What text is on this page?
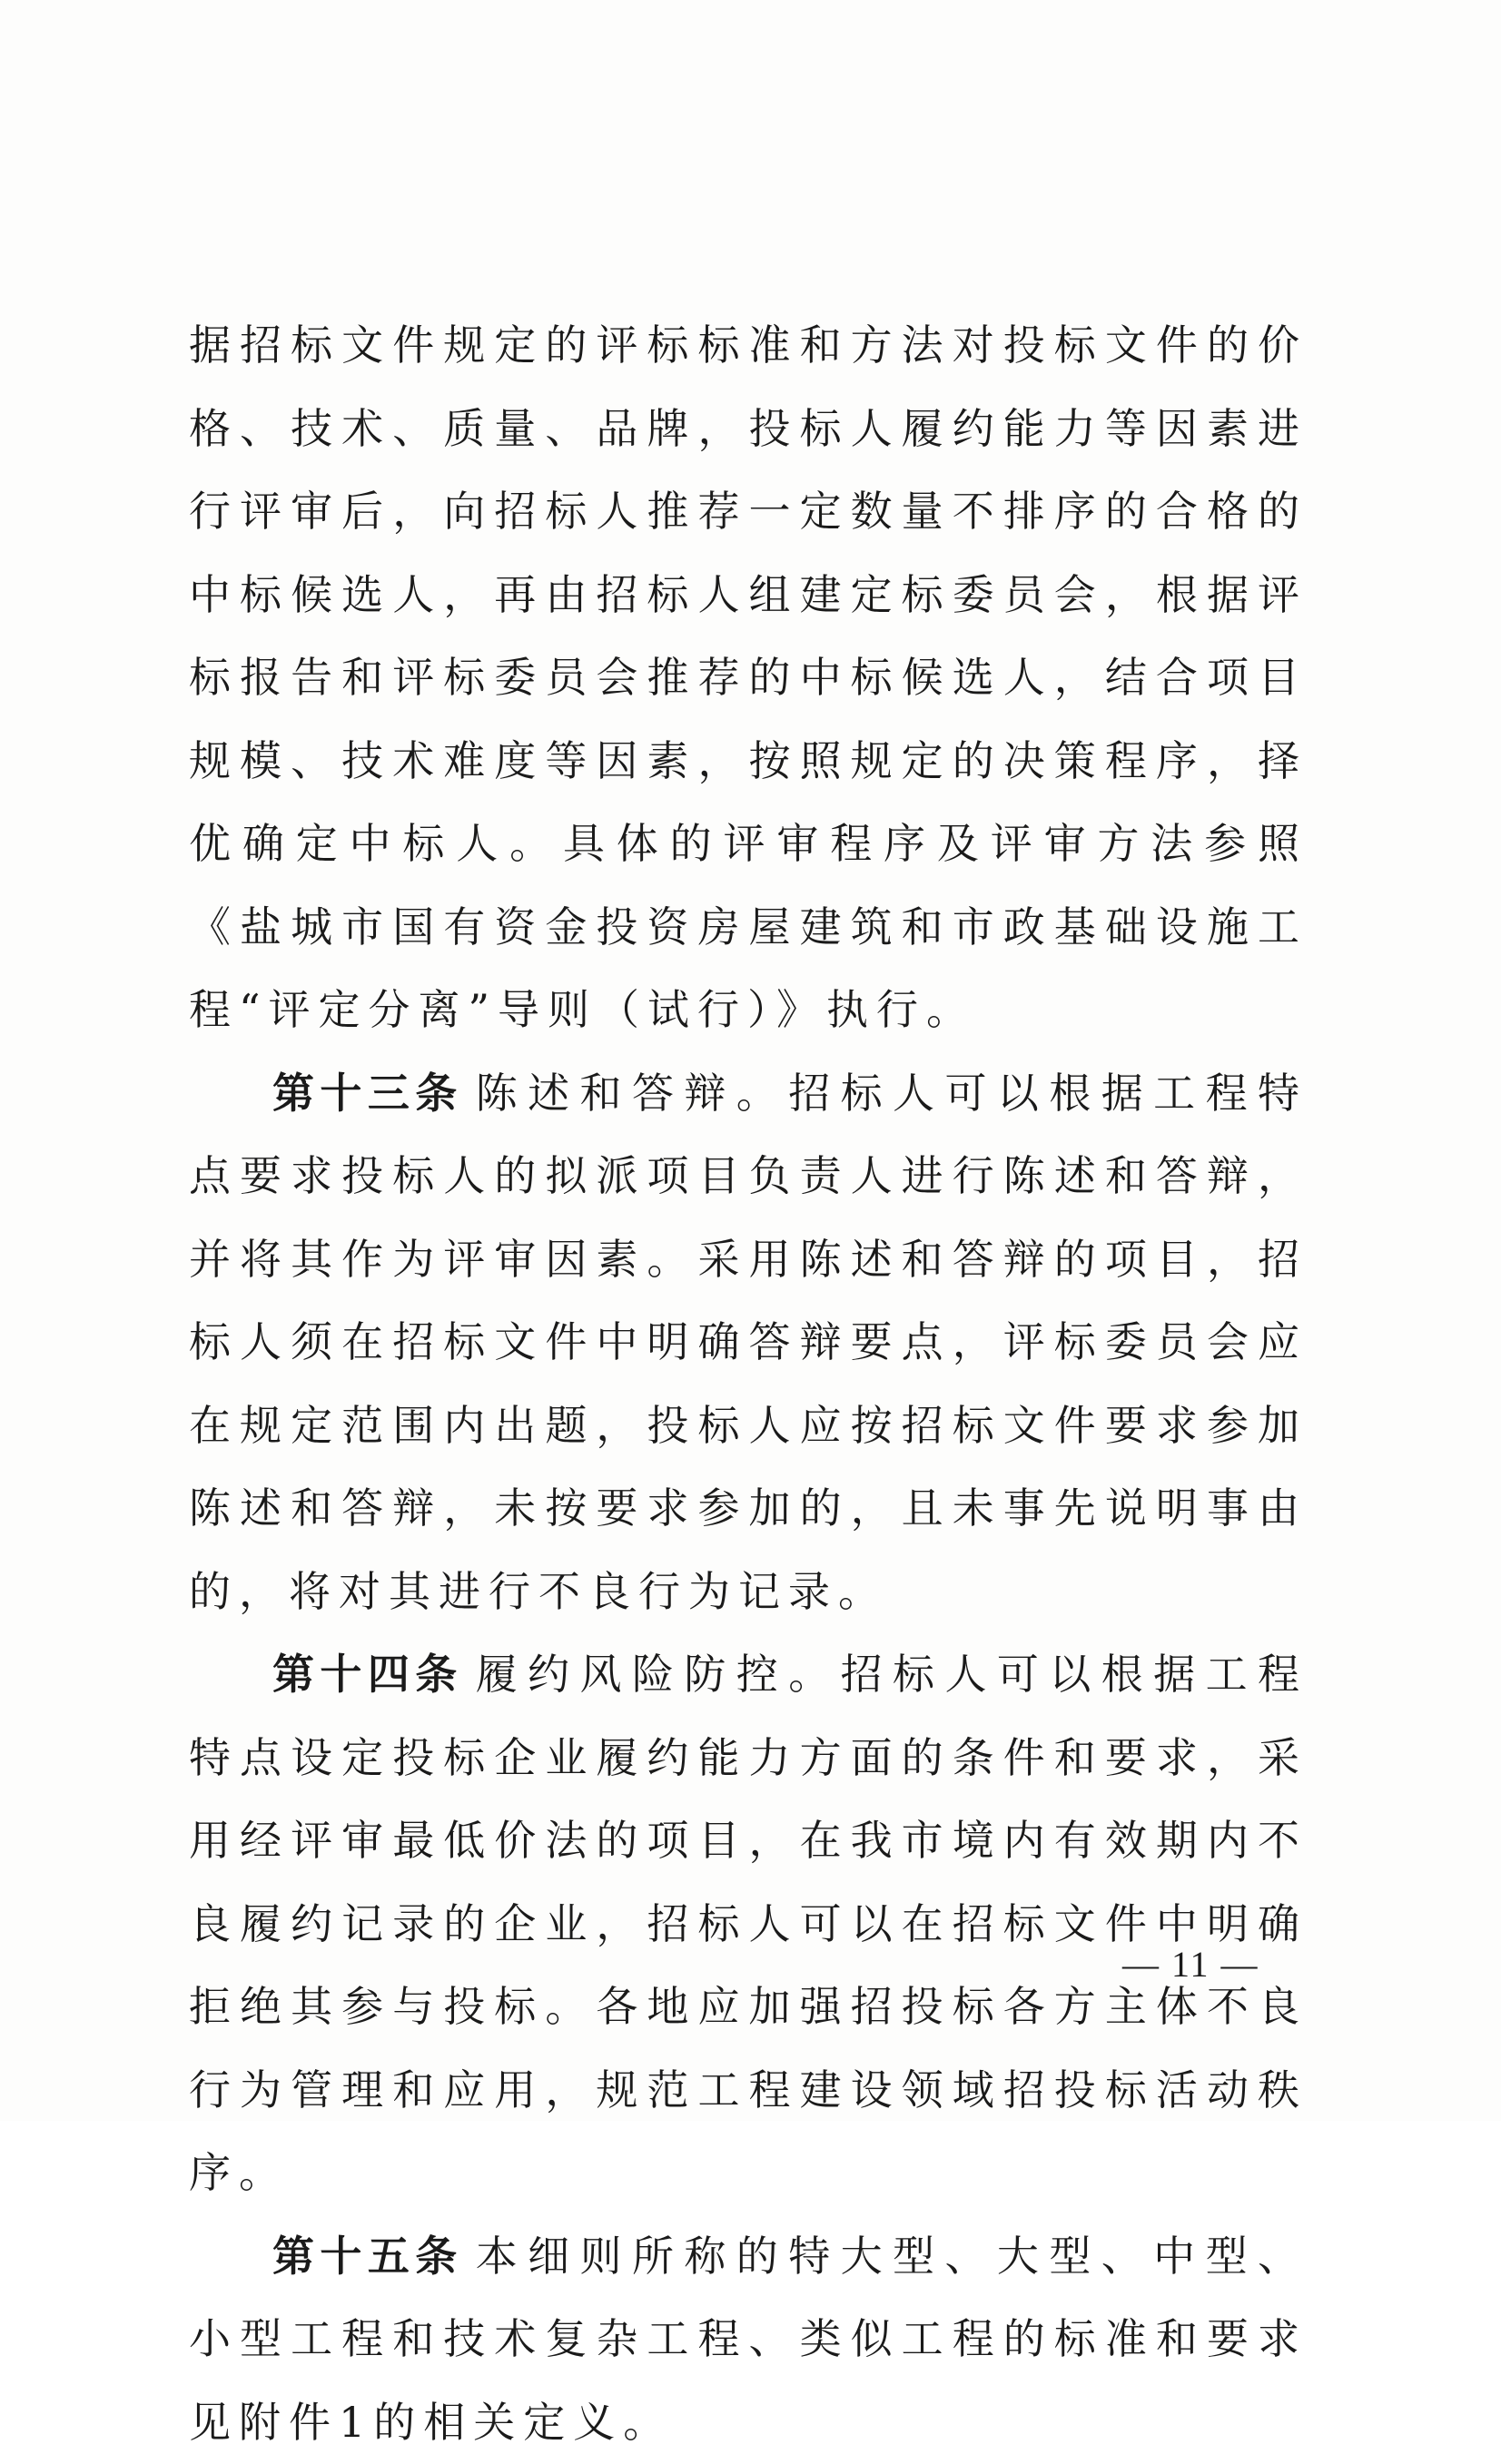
据招标文件规定的评标标准和方法对投标文件的价格、技术、质量、品牌，投标人履约能力等因素进行评审后，向招标人推荐一定数量不排序的合格的中标候选人，再由招标人组建定标委员会，根据评标报告和评标委员会推荐的中标候选人，结合项目规模、技术难度等因素，按照规定的决策程序，择优确定中标人。具体的评审程序及评审方法参照《盐城市国有资金投资房屋建筑和市政基础设施工程“评定分离”导则（试行）》执行。

第十三条 陈述和答辩。招标人可以根据工程特点要求投标人的拟派项目负责人进行陈述和答辩，并将其作为评审因素。采用陈述和答辩的项目，招标人须在招标文件中明确答辩要点，评标委员会应在规定范围内出题，投标人应按招标文件要求参加陈述和答辩，未按要求参加的，且未事先说明事由的，将对其进行不良行为记录。

第十四条 履约风险防控。招标人可以根据工程特点设定投标企业履约能力方面的条件和要求，采用经评审最低价法的项目，在我市境内有效期内不良履约记录的企业，招标人可以在招标文件中明确拒绝其参与投标。各地应加强招投标各方主体不良行为管理和应用，规范工程建设领域招投标活动秩序。

第十五条 本细则所称的特大型、大型、中型、小型工程和技术复杂工程、类似工程的标准和要求见附件1的相关定义。

— 11 —
